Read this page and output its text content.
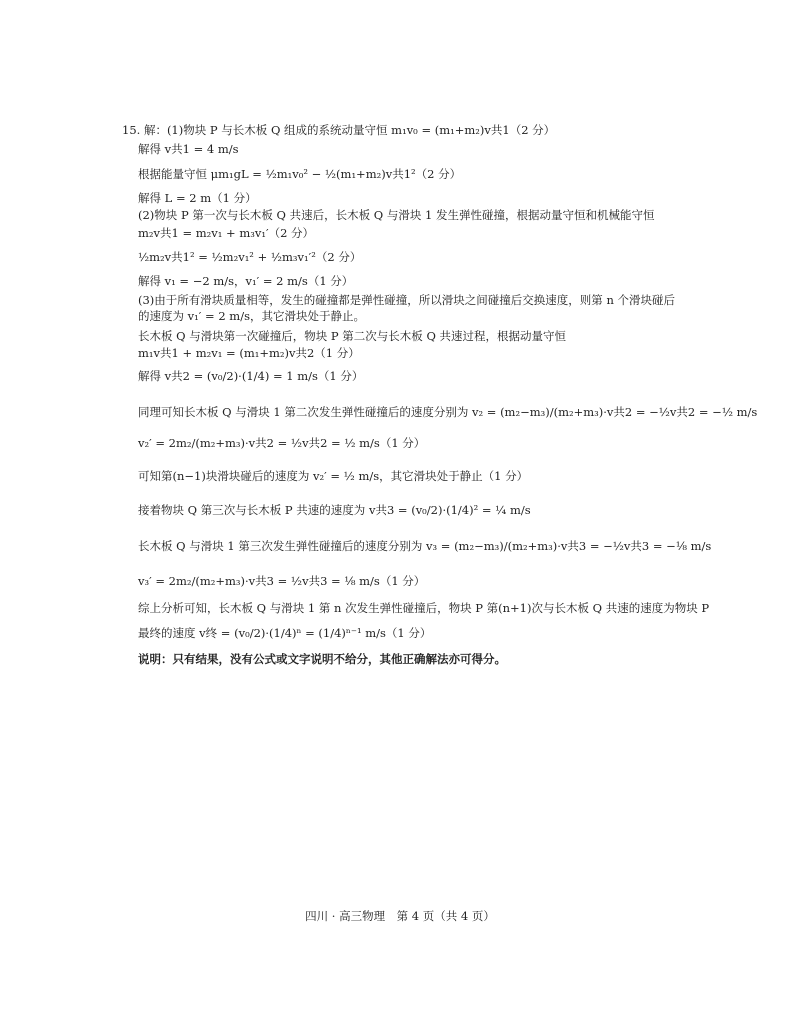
15. 解：(1)物块 P 与长木板 Q 组成的系统动量守恒 m₁v₀ = (m₁+m₂)v共1（2 分）
解得 v共1 = 4 m/s
根据能量守恒 μm₁gL = ½m₁v₀² − ½(m₁+m₂)v共1²（2 分）
解得 L = 2 m（1 分）
(2)物块 P 第一次与长木板 Q 共速后，长木板 Q 与滑块 1 发生弹性碰撞，根据动量守恒和机械能守恒
m₂v共1 = m₂v₁ + m₃v₁′（2 分）
½m₂v共1² = ½m₂v₁² + ½m₃v₁′²（2 分）
解得 v₁ = −2 m/s，v₁′ = 2 m/s（1 分）
(3)由于所有滑块质量相等，发生的碰撞都是弹性碰撞，所以滑块之间碰撞后交换速度，则第 n 个滑块碰后的速度为 v₁′ = 2 m/s，其它滑块处于静止。
长木板 Q 与滑块第一次碰撞后，物块 P 第二次与长木板 Q 共速过程，根据动量守恒
m₁v共1 + m₂v₁ = (m₁+m₂)v共2（1 分）
解得 v共2 = (v₀/2)·(1/4) = 1 m/s（1 分）
同理可知长木板 Q 与滑块 1 第二次发生弹性碰撞后的速度分别为 v₂ = (m₂−m₃)/(m₂+m₃)·v共2 = −½v共2 = −½ m/s
v₂′ = 2m₂/(m₂+m₃)·v共2 = ½v共2 = ½ m/s（1 分）
可知第(n−1)块滑块碰后的速度为 v₂′ = ½ m/s，其它滑块处于静止（1 分）
接着物块 Q 第三次与长木板 P 共速的速度为 v共3 = (v₀/2)·(1/4)² = ¼ m/s
长木板 Q 与滑块 1 第三次发生弹性碰撞后的速度分别为 v₃ = (m₂−m₃)/(m₂+m₃)·v共3 = −½v共3 = −⅛ m/s
v₃′ = 2m₂/(m₂+m₃)·v共3 = ½v共3 = ⅛ m/s（1 分）
综上分析可知，长木板 Q 与滑块 1 第 n 次发生弹性碰撞后，物块 P 第(n+1)次与长木板 Q 共速的速度为物块 P
最终的速度 v终 = (v₀/2)·(1/4)ⁿ = (1/4)ⁿ⁻¹ m/s（1 分）
说明：只有结果，没有公式或文字说明不给分，其他正确解法亦可得分。
四川 · 高三物理　第 4 页（共 4 页）
